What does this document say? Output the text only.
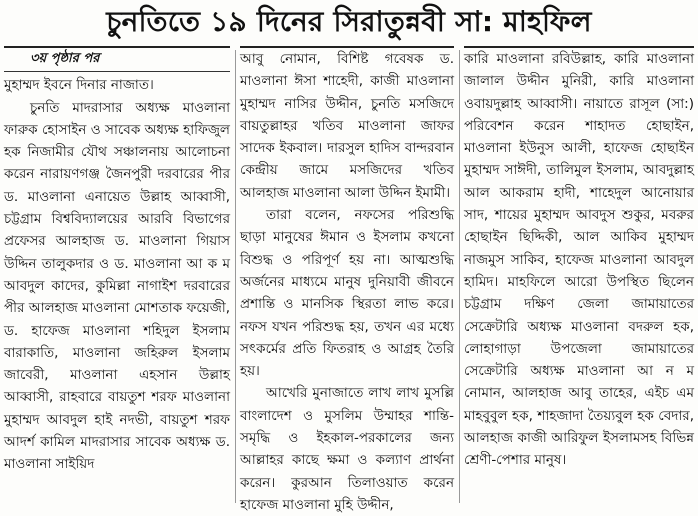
চুনতিতে ১৯ দিনের সিরাতুন্নবী সা: মাহফিল
৩য় পৃষ্ঠার পর

মুহাম্মদ ইবনে দিনার নাজাত।

চুনতি মাদরাসার অধ্যক্ষ মাওলানা ফারুক হোসাইন ও সাবেক অধ্যক্ষ হাফিজুল হক নিজামীর যৌথ সঞ্চালনায় আলোচনা করেন নারায়ণগঞ্জ জৈনপুরী দরবারের পীর ড. মাওলানা এনায়েত উল্লাহ আব্বাসী, চট্টগ্রাম বিশ্ববিদ্যালয়ের আরবি বিভাগের প্রফেসর আলহাজ ড. মাওলানা গিয়াস উদ্দিন তালুকদার ও ড. মাওলানা আ ক ম আবদুল কাদের, কুমিল্লা নাগাইশ দরবারের পীর আলহাজ মাওলানা মোশতাক ফয়েজী, ড. হাফেজ মাওলানা শহিদুল ইসলাম বারাকাতি, মাওলানা জহিরুল ইসলাম জাবেরী, মাওলানা এহসান উল্লাহ আব্বাসী, রাহবারে বায়তুশ শরফ মাওলানা মুহাম্মদ আবদুল হাই নদভী, বায়তুশ শরফ আদর্শ কামিল মাদরাসার সাবেক অধ্যক্ষ ড. মাওলানা সাইয়িদ

আবু নোমান, বিশিষ্ট গবেষক ড. মাওলানা ঈসা শাহেদী, কাজী মাওলানা মুহাম্মদ নাসির উদ্দীন, চুনতি মসজিদে বায়তুল্লাহর খতিব মাওলানা জাফর সাদেক ইকবাল। দারসুল হাদিস বান্দরবান কেন্দ্রীয় জামে মসজিদের খতিব আলহাজ মাওলানা আলা উদ্দিন ইমামী।

তারা বলেন, নফসের পরিশুদ্ধি ছাড়া মানুষের ঈমান ও ইসলাম কখনো বিশুদ্ধ ও পরিপূর্ণ হয় না। আত্মশুদ্ধি অর্জনের মাধ্যমে মানুষ দুনিয়াবী জীবনে প্রশান্তি ও মানসিক স্থিরতা লাভ করে। নফস যখন পরিশুদ্ধ হয়, তখন এর মধ্যে সৎকর্মের প্রতি ফিতরাহ ও আগ্রহ তৈরি হয়।

আখেরি মুনাজাতে লাখ লাখ মুসল্লি বাংলাদেশ ও মুসলিম উম্মাহর শান্তি-সমৃদ্ধি ও ইহকাল-পরকালের জন্য আল্লাহর কাছে ক্ষমা ও কল্যাণ প্রার্থনা করেন। কুরআন তিলাওয়াত করেন হাফেজ মাওলানা মুহি উদ্দীন,

কারি মাওলানা রবিউল্লাহ, কারি মাওলানা জালাল উদ্দীন মুনিরী, কারি মাওলানা ওবায়দুল্লাহ আব্বাসী। নায়াতে রাসূল (সা:) পরিবেশন করেন শাহাদত হোছাইন, মাওলানা ইউনুস আলী, হাফেজ হোছাইন মুহাম্মদ সাঈদী, তালিমুল ইসলাম, আবদুল্লাহ আল আকরাম হাদী, শাহেদুল আনোয়ার সাদ, শায়ের মুহাম্মদ আবদুস শুকুর, মবরুর হোছাইন ছিদ্দিকী, আল আকিব মুহাম্মদ নাজমুস সাকিব, হাফেজ মাওলানা আবদুল হামিদ। মাহফিলে আরো উপস্থিত ছিলেন চট্টগ্রাম দক্ষিণ জেলা জামায়াতের সেক্রেটারি অধ্যক্ষ মাওলানা বদরুল হক, লোহাগাড়া উপজেলা জামায়াতের সেক্রেটারি অধ্যক্ষ মাওলানা আ ন ম নোমান, আলহাজ আবু তাহের, এইচ এম মাহবুবুল হক, শাহজাদা তৈয়্যবুল হক বেদার, আলহাজ কাজী আরিফুল ইসলামসহ বিভিন্ন শ্রেণী-পেশার মানুষ।
